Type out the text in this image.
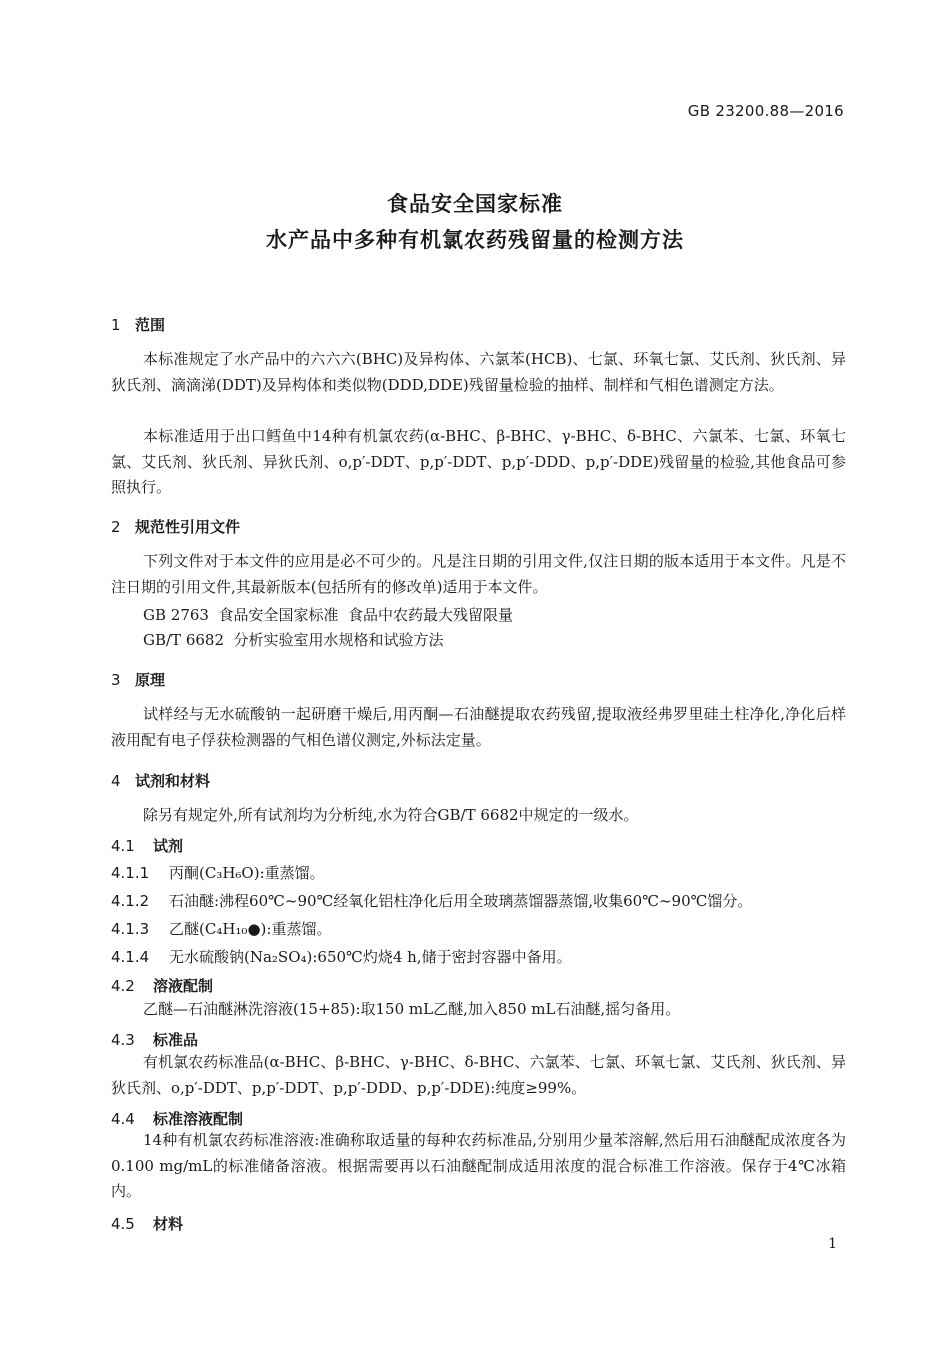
GB 23200.88—2016
食品安全国家标准
水产品中多种有机氯农药残留量的检测方法
1 范围

本标准规定了水产品中的六六六(BHC)及异构体、六氯苯(HCB)、七氯、环氧七氯、艾氏剂、狄氏剂、异狄氏剂、滴滴涕(DDT)及异构体和类似物(DDD,DDE)残留量检验的抽样、制样和气相色谱测定方法。

本标准适用于出口鳕鱼中14种有机氯农药(α-BHC、β-BHC、γ-BHC、δ-BHC、六氯苯、七氯、环氧七氯、艾氏剂、狄氏剂、异狄氏剂、o,p′-DDT、p,p′-DDT、p,p′-DDD、p,p′-DDE)残留量的检验,其他食品可参照执行。

2 规范性引用文件

下列文件对于本文件的应用是必不可少的。凡是注日期的引用文件,仅注日期的版本适用于本文件。凡是不注日期的引用文件,其最新版本(包括所有的修改单)适用于本文件。

GB 2763  食品安全国家标准  食品中农药最大残留限量
GB/T 6682  分析实验室用水规格和试验方法
3 原理

试样经与无水硫酸钠一起研磨干燥后,用丙酮—石油醚提取农药残留,提取液经弗罗里硅土柱净化,净化后样液用配有电子俘获检测器的气相色谱仪测定,外标法定量。

4 试剂和材料

除另有规定外,所有试剂均为分析纯,水为符合GB/T 6682中规定的一级水。

4.1 试剂
4.1.1 丙酮(C₃H₆O):重蒸馏。
4.1.2 石油醚:沸程60℃~90℃经氧化铝柱净化后用全玻璃蒸馏器蒸馏,收集60℃~90℃馏分。
4.1.3 乙醚(C₄H₁₀●):重蒸馏。
4.1.4 无水硫酸钠(Na₂SO₄):650℃灼烧4 h,储于密封容器中备用。
4.2 溶液配制
乙醚—石油醚淋洗溶液(15+85):取150 mL乙醚,加入850 mL石油醚,摇匀备用。
4.3 标准品

有机氯农药标准品(α-BHC、β-BHC、γ-BHC、δ-BHC、六氯苯、七氯、环氧七氯、艾氏剂、狄氏剂、异狄氏剂、o,p′-DDT、p,p′-DDT、p,p′-DDD、p,p′-DDE):纯度≥99%。

4.4 标准溶液配制

14种有机氯农药标准溶液:准确称取适量的每种农药标准品,分别用少量苯溶解,然后用石油醚配成浓度各为0.100 mg/mL的标准储备溶液。根据需要再以石油醚配制成适用浓度的混合标准工作溶液。保存于4℃冰箱内。

4.5 材料
1
